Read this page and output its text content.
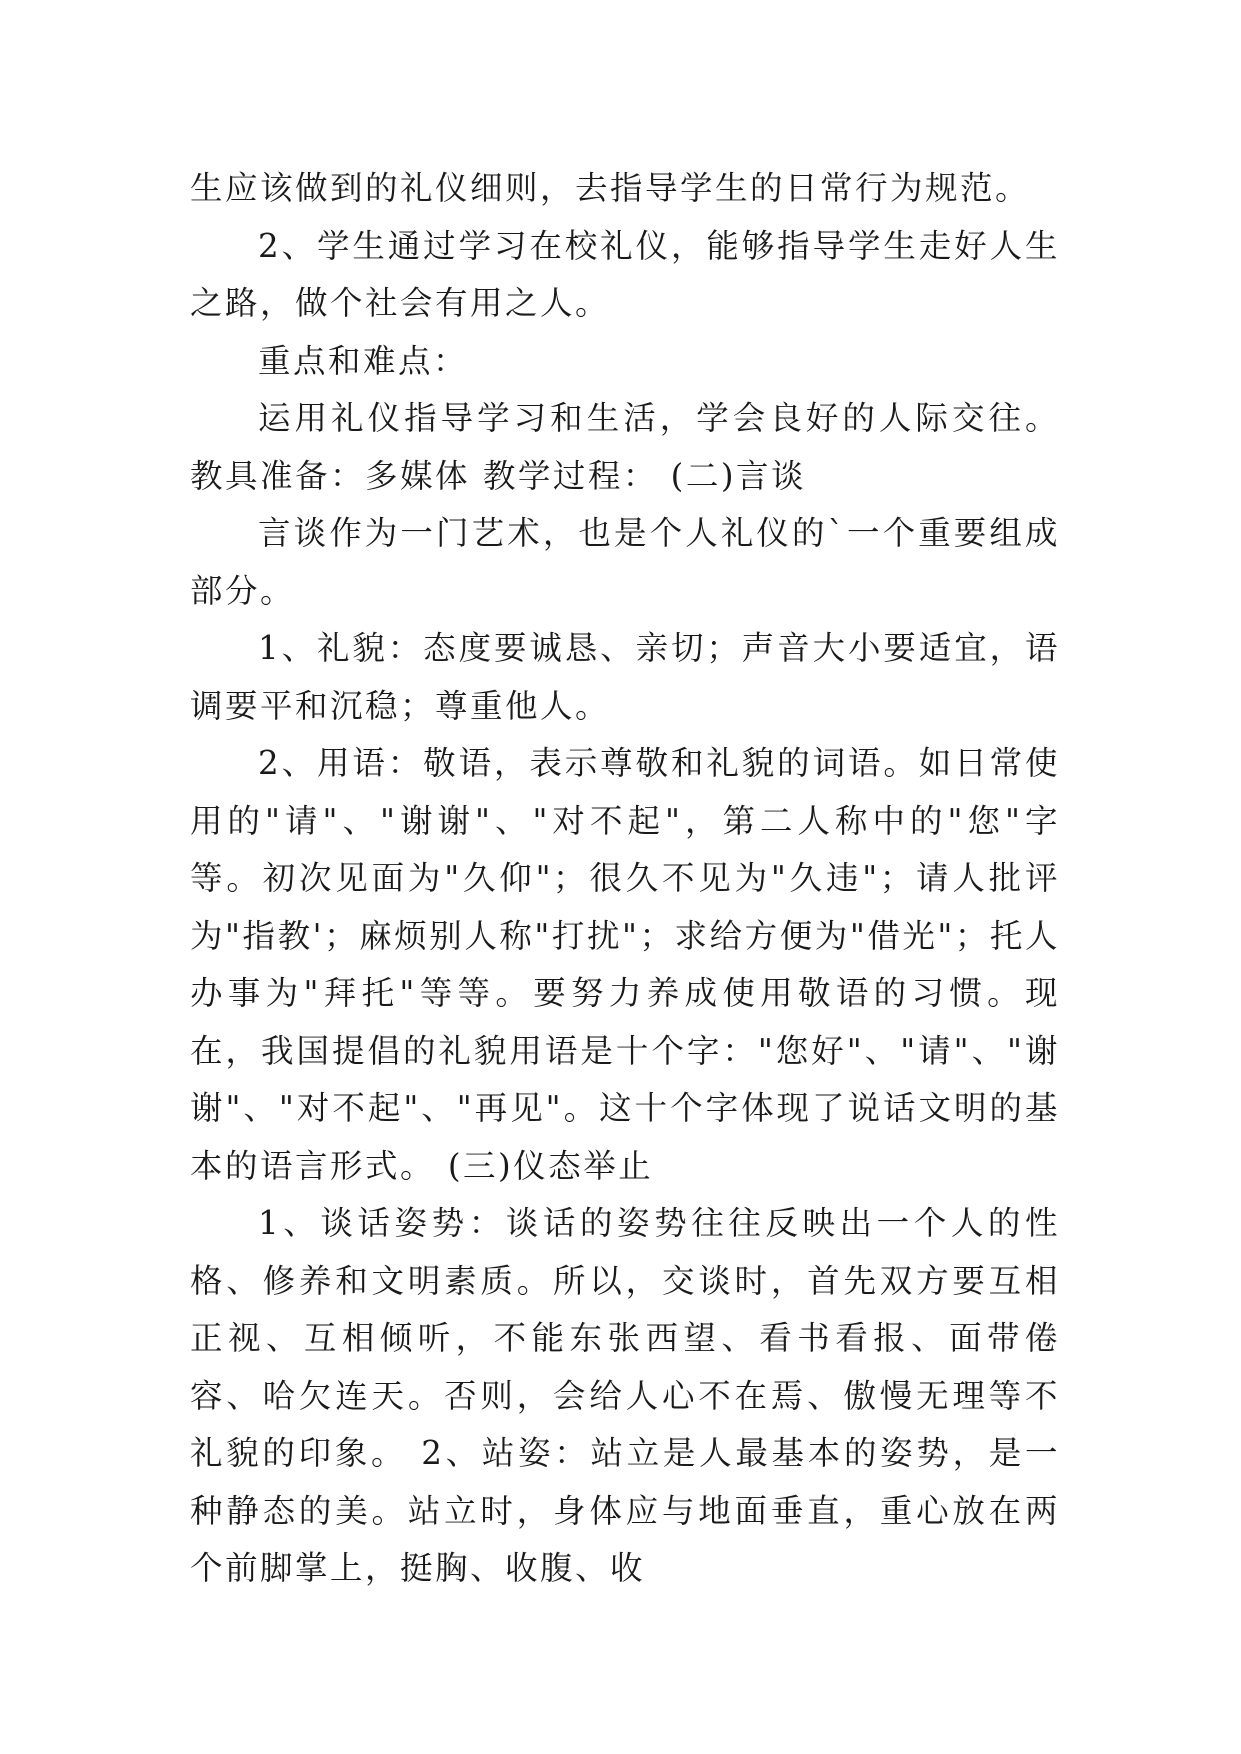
生应该做到的礼仪细则，去指导学生的日常行为规范。

2、学生通过学习在校礼仪，能够指导学生走好人生之路，做个社会有用之人。

重点和难点：

运用礼仪指导学习和生活，学会良好的人际交往。 教具准备：多媒体 教学过程： (二)言谈

言谈作为一门艺术，也是个人礼仪的`一个重要组成部分。

1、礼貌：态度要诚恳、亲切；声音大小要适宜，语调要平和沉稳；尊重他人。

2、用语：敬语，表示尊敬和礼貌的词语。如日常使用的"请"、"谢谢"、"对不起"，第二人称中的"您"字等。初次见面为"久仰"；很久不见为"久违"；请人批评为"指教'；麻烦别人称"打扰"；求给方便为"借光"；托人办事为"拜托"等等。要努力养成使用敬语的习惯。现在，我国提倡的礼貌用语是十个字："您好"、"请"、"谢谢"、"对不起"、"再见"。这十个字体现了说话文明的基本的语言形式。 (三)仪态举止

1、谈话姿势：谈话的姿势往往反映出一个人的性格、修养和文明素质。所以，交谈时，首先双方要互相正视、互相倾听，不能东张西望、看书看报、面带倦容、哈欠连天。否则，会给人心不在焉、傲慢无理等不礼貌的印象。 2、站姿：站立是人最基本的姿势，是一种静态的美。站立时，身体应与地面垂直，重心放在两个前脚掌上，挺胸、收腹、收
